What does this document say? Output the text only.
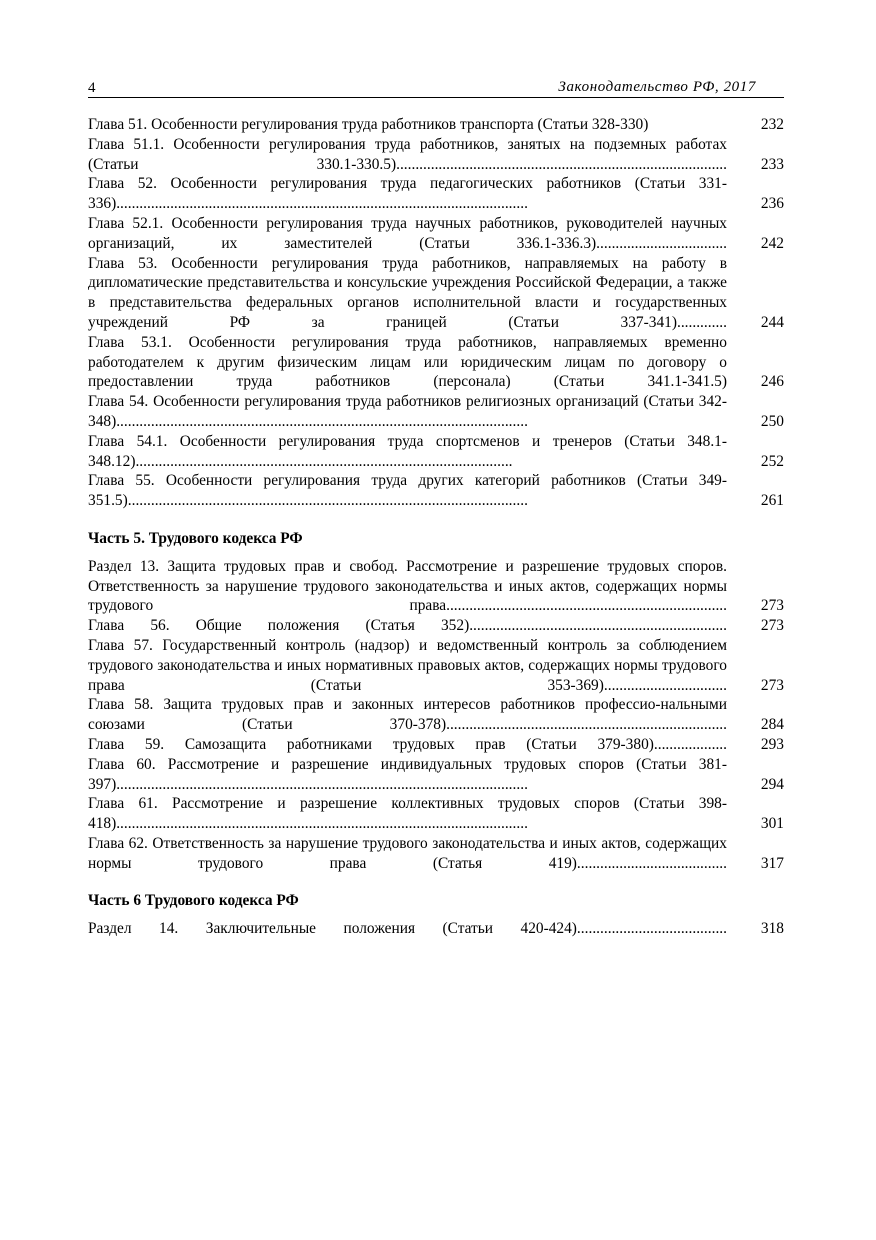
4	Законодательство РФ, 2017
Глава 51. Особенности регулирования труда работников транспорта (Статьи 328-330)	232
Глава 51.1. Особенности регулирования труда работников, занятых на подземных работах (Статьи 330.1-330.5)...................................................................................... 233
Глава 52. Особенности регулирования труда педагогических работников (Статьи 331-336)...........................................................................................................	236
Глава 52.1. Особенности регулирования труда научных работников, руководителей научных организаций, их заместителей (Статьи 336.1-336.3).................................. 242
Глава 53. Особенности регулирования труда работников, направляемых на работу в дипломатические представительства и консульские учреждения Российской Федерации, а также в представительства федеральных органов исполнительной власти и государственных учреждений РФ за границей (Статьи 337-341)............. 244
Глава 53.1. Особенности регулирования труда работников, направляемых временно работодателем к другим физическим лицам или юридическим лицам по договору о предоставлении труда работников (персонала) (Статьи 341.1-341.5) 246
Глава 54. Особенности регулирования труда работников религиозных организаций (Статьи 342-348)...........................................................................................................	250
Глава 54.1. Особенности регулирования труда спортсменов и тренеров (Статьи 348.1-348.12)..................................................................................................	252
Глава 55. Особенности регулирования труда других категорий работников (Статьи 349-351.5)........................................................................................................	261
Часть 5. Трудового кодекса РФ
Раздел 13. Защита трудовых прав и свобод. Рассмотрение и разрешение трудовых споров. Ответственность за нарушение трудового законодательства и иных актов, содержащих нормы трудового права......................................................................... 273
Глава 56. Общие положения (Статья 352)................................................................... 273
Глава 57. Государственный контроль (надзор) и ведомственный контроль за соблюдением трудового законодательства и иных нормативных правовых актов, содержащих нормы трудового права (Статьи 353-369)................................ 273
Глава 58. Защита трудовых прав и законных интересов работников профессио-нальными союзами (Статьи 370-378)......................................................................... 284
Глава 59. Самозащита работниками трудовых прав (Статьи 379-380)................... 293
Глава 60. Рассмотрение и разрешение индивидуальных трудовых споров (Статьи 381-397)...........................................................................................................	294
Глава 61. Рассмотрение и разрешение коллективных трудовых споров (Статьи 398-418)...........................................................................................................	301
Глава 62. Ответственность за нарушение трудового законодательства и иных актов, содержащих нормы трудового права (Статья 419)....................................... 317
Часть 6 Трудового кодекса РФ
Раздел 14. Заключительные положения (Статьи 420-424)....................................... 318
